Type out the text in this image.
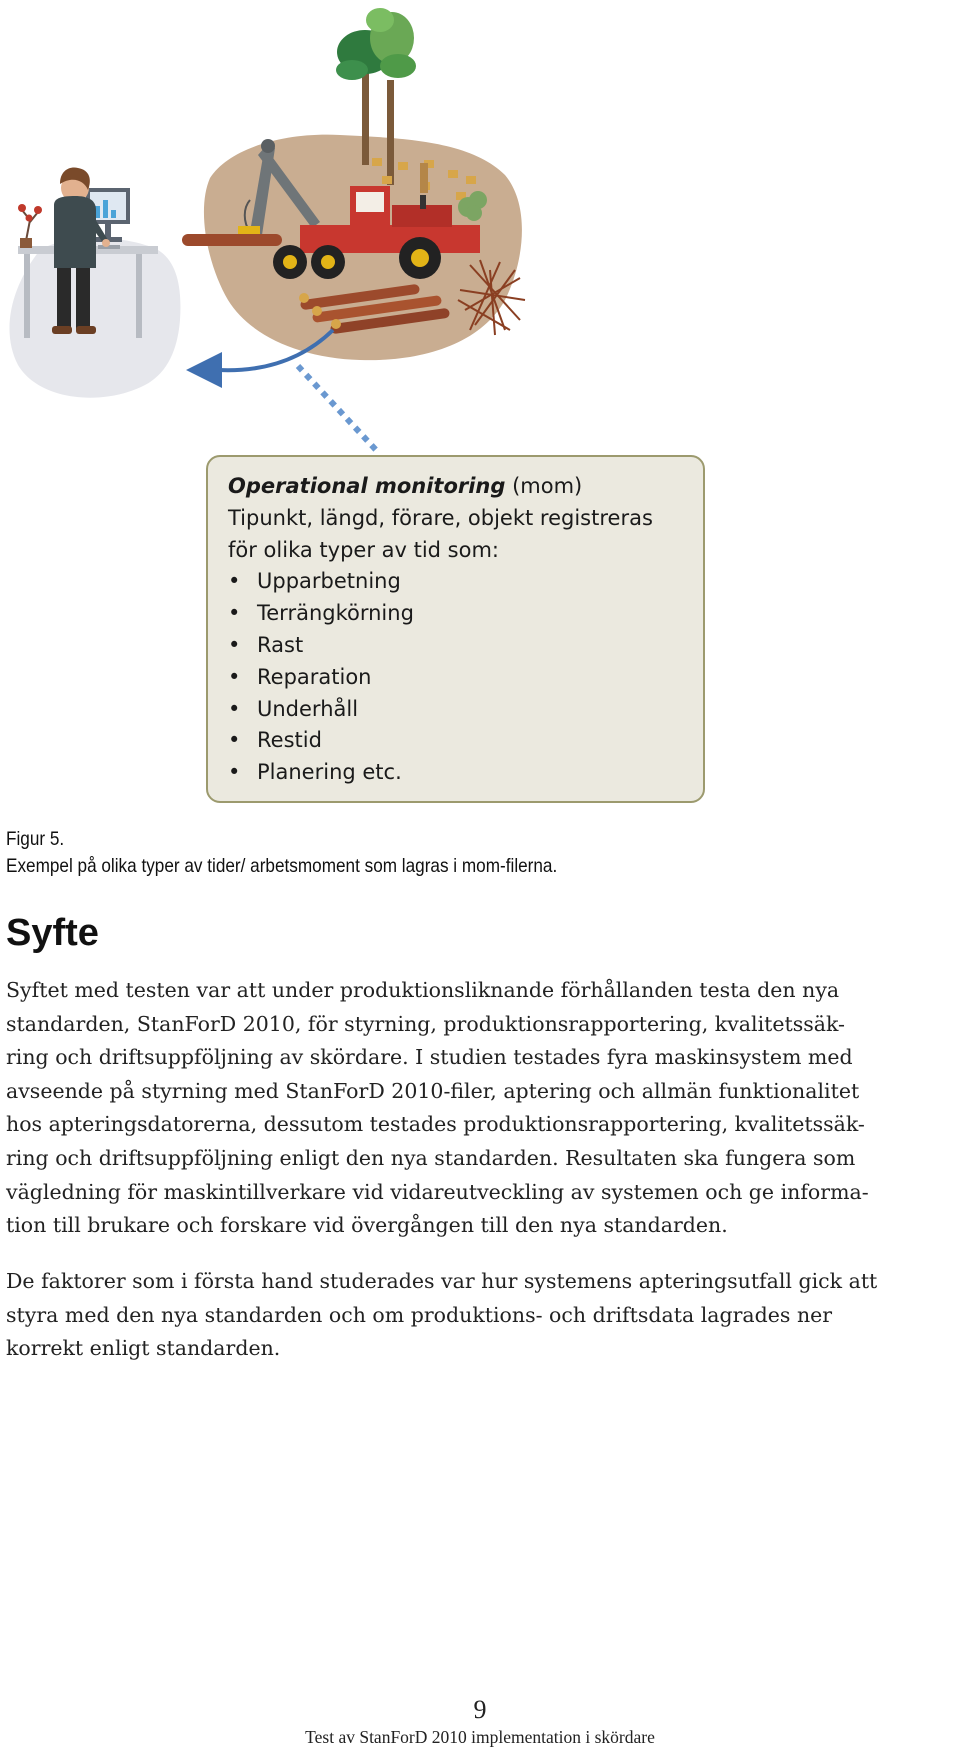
Operational monitoring (mom)
Tipunkt, längd, förare, objekt registreras
för olika typer av tid som:
• Upparbetning
• Terrängkörning
• Rast
• Reparation
• Underhåll
• Restid
• Planering etc.
Figur 5.
Exempel på olika typer av tider/ arbetsmoment som lagras i mom-filerna.
Syfte
Syftet med testen var att under produktionsliknande förhållanden testa den nya
standarden, StanForD 2010, för styrning, produktionsrapportering, kvalitetssäk-
ring och driftsuppföljning av skördare. I studien testades fyra maskinsystem med
avseende på styrning med StanForD 2010-filer, aptering och allmän funktionalitet
hos apteringsdatorerna, dessutom testades produktionsrapportering, kvalitetssäk-
ring och driftsuppföljning enligt den nya standarden. Resultaten ska fungera som
vägledning för maskintillverkare vid vidareutveckling av systemen och ge informa-
tion till brukare och forskare vid övergången till den nya standarden.
De faktorer som i första hand studerades var hur systemens apteringsutfall gick att
styra med den nya standarden och om produktions- och driftsdata lagrades ner
korrekt enligt standarden.
9
Test av StanForD 2010 implementation i skördare
